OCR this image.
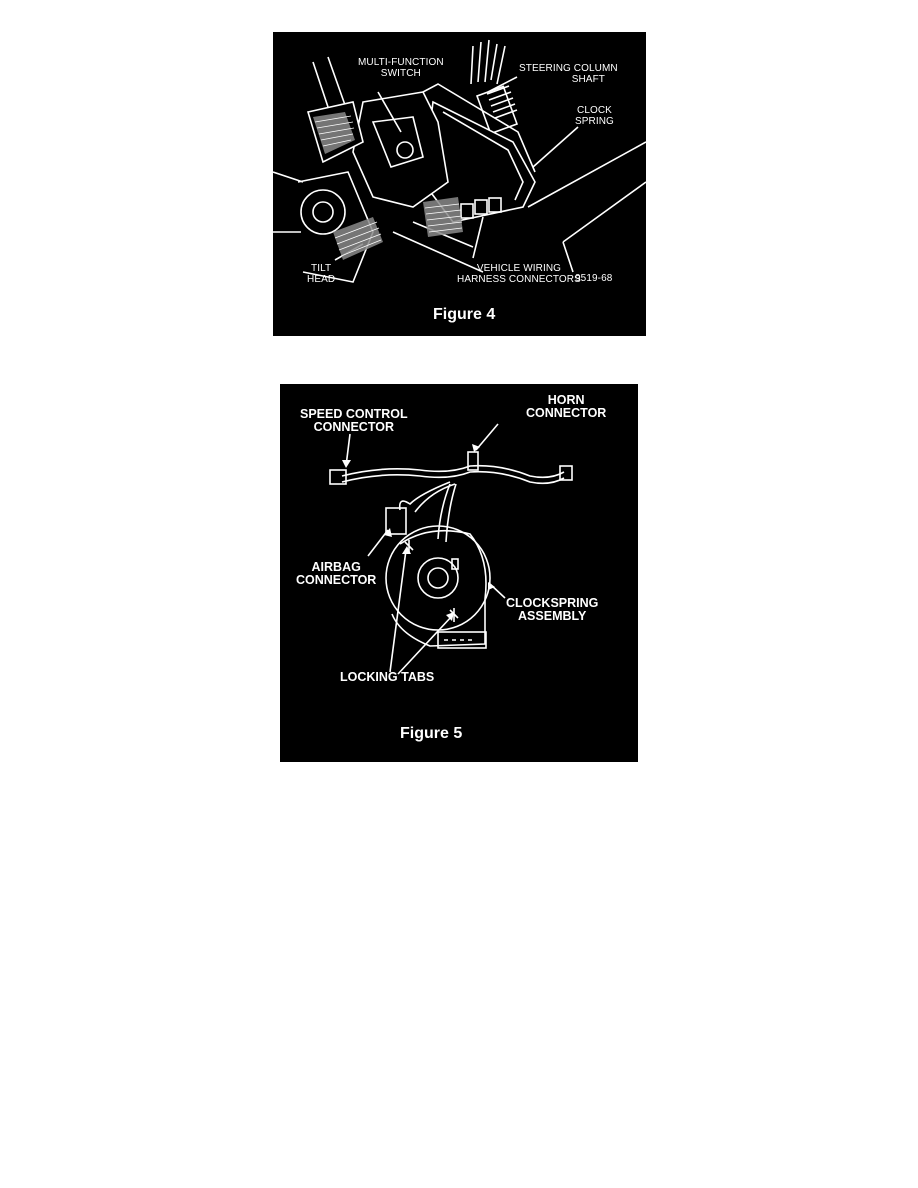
MULTI-FUNCTION
SWITCH	STEERING COLUMN
SHAFT
CLOCK
SPRING
TILT
HEAD
VEHICLE WIRING
HARNESS CONNECTORS
9519-68
Figure 4
SPEED CONTROL
CONNECTOR
HORN
CONNECTOR
AIRBAG
CONNECTOR
CLOCKSPRING
ASSEMBLY
LOCKING TABS
Figure 5
